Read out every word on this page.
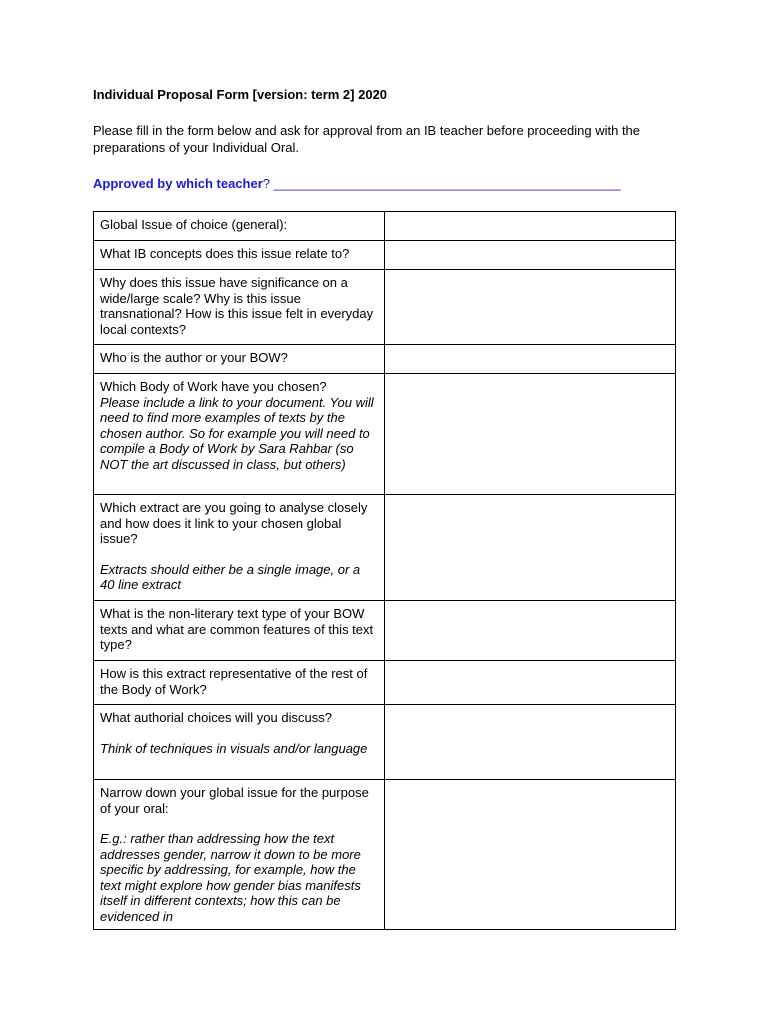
Individual Proposal Form [version: term 2] 2020

Please fill in the form below and ask for approval from an IB teacher before proceeding with the preparations of your Individual Oral.

Approved by which teacher? ________________________________________________

Global Issue of choice (general):	
What IB concepts does this issue relate to?	
Why does this issue have significance on a wide/large scale? Why is this issue transnational? How is this issue felt in everyday local contexts?	
Who is the author or your BOW?	
Which Body of Work have you chosen?
Please include a link to your document. You will need to find more examples of texts by the chosen author. So for example you will need to compile a Body of Work by Sara Rahbar (so NOT the art discussed in class, but others)	

Which extract are you going to analyse closely and how does it link to your chosen global issue?
Extracts should either be a single image, or a 40 line extract	

What is the non-literary text type of your BOW texts and what are common features of this text type?	
How is this extract representative of the rest of the Body of Work?	
What authorial choices will you discuss?
Think of techniques in visuals and/or language	

Narrow down your global issue for the purpose of your oral:
E.g.: rather than addressing how the text addresses gender, narrow it down to be more specific by addressing, for example, how the text might explore how gender bias manifests itself in different contexts; how this can be evidenced in	
